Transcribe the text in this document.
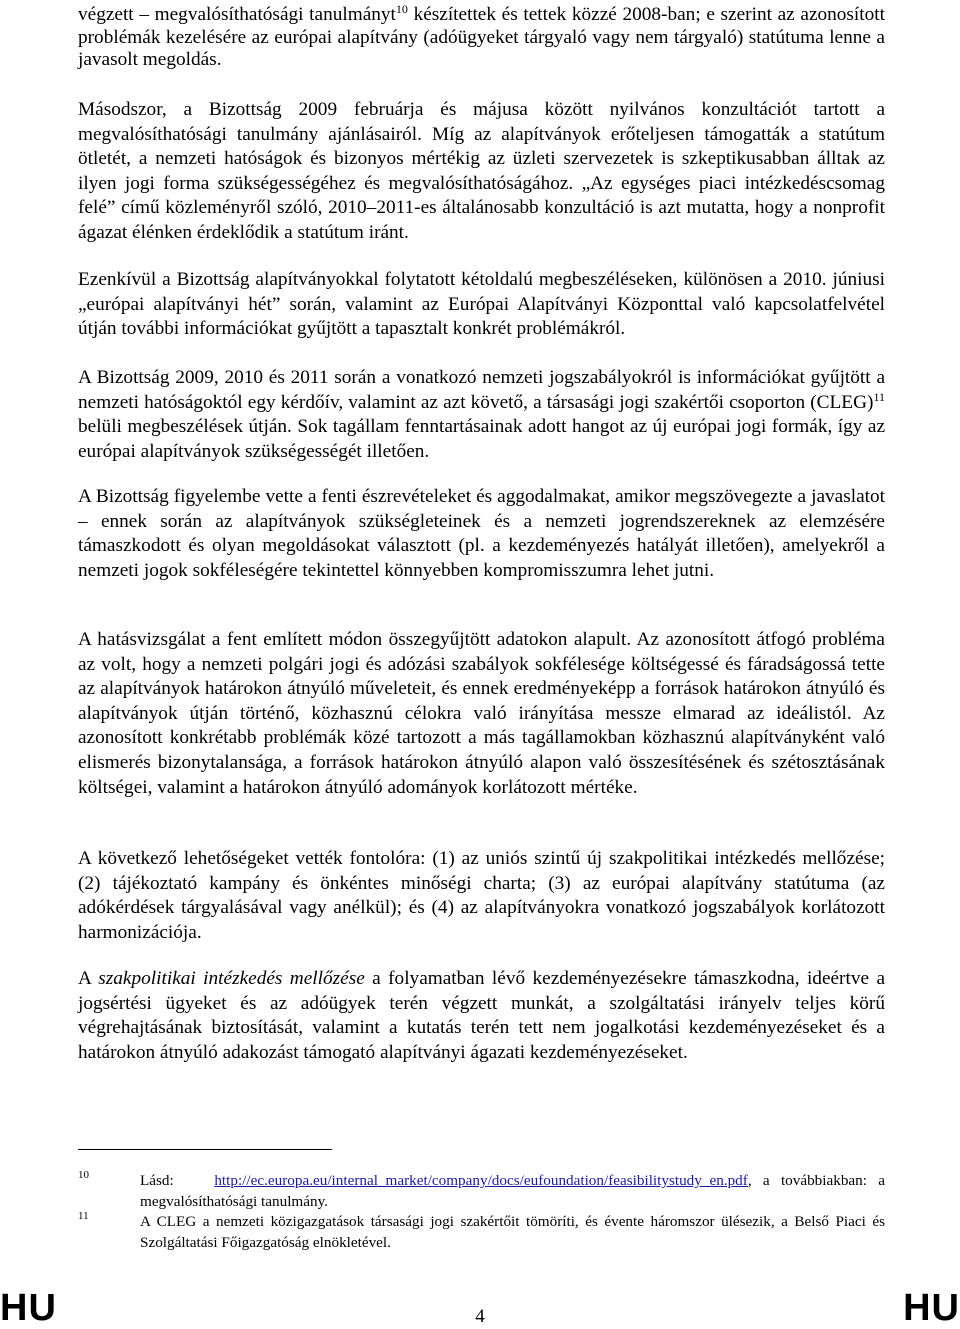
végzett – megvalósíthatósági tanulmányt$^{10}$ készítettek és tettek közzé 2008-ban; e szerint az azonosított problémák kezelésére az európai alapítvány (adóügyeket tárgyaló vagy nem tárgyaló) statútuma lenne a javasolt megoldás.

Másodszor, a Bizottság 2009 februárja és májusa között nyilvános konzultációt tartott a megvalósíthatósági tanulmány ajánlásairól. Míg az alapítványok erőteljesen támogatták a statútum ötletét, a nemzeti hatóságok és bizonyos mértékig az üzleti szervezetek is szkeptikusabban álltak az ilyen jogi forma szükségességéhez és megvalósíthatóságához. „Az egységes piaci intézkedéscsomag felé” című közleményről szóló, 2010–2011-es általánosabb konzultáció is azt mutatta, hogy a nonprofit ágazat élénken érdeklődik a statútum iránt.

Ezenkívül a Bizottság alapítványokkal folytatott kétoldalú megbeszéléseken, különösen a 2010. júniusi „európai alapítványi hét” során, valamint az Európai Alapítványi Központtal való kapcsolatfelvétel útján további információkat gyűjtött a tapasztalt konkrét problémákról.

A Bizottság 2009, 2010 és 2011 során a vonatkozó nemzeti jogszabályokról is információkat gyűjtött a nemzeti hatóságoktól egy kérdőív, valamint az azt követő, a társasági jogi szakértői csoporton (CLEG)$^{11}$ belüli megbeszélések útján. Sok tagállam fenntartásainak adott hangot az új európai jogi formák, így az európai alapítványok szükségességét illetően.

A Bizottság figyelembe vette a fenti észrevételeket és aggodalmakat, amikor megszövegezte a javaslatot – ennek során az alapítványok szükségleteinek és a nemzeti jogrendszereknek az elemzésére támaszkodott és olyan megoldásokat választott (pl. a kezdeményezés hatályát illetően), amelyekről a nemzeti jogok sokféleségére tekintettel könnyebben kompromisszumra lehet jutni.

A hatásvizsgálat a fent említett módon összegyűjtött adatokon alapult. Az azonosított átfogó probléma az volt, hogy a nemzeti polgári jogi és adózási szabályok sokfélesége költségessé és fáradságossá tette az alapítványok határokon átnyúló műveleteit, és ennek eredményeképp a források határokon átnyúló és alapítványok útján történő, közhasznú célokra való irányítása messze elmarad az ideálistól. Az azonosított konkrétabb problémák közé tartozott a más tagállamokban közhasznú alapítványként való elismerés bizonytalansága, a források határokon átnyúló alapon való összesítésének és szétosztásának költségei, valamint a határokon átnyúló adományok korlátozott mértéke.

A következő lehetőségeket vették fontolóra: (1) az uniós szintű új szakpolitikai intézkedés mellőzése; (2) tájékoztató kampány és önkéntes minőségi charta; (3) az európai alapítvány statútuma (az adókérdések tárgyalásával vagy anélkül); és (4) az alapítványokra vonatkozó jogszabályok korlátozott harmonizációja.

A szakpolitikai intézkedés mellőzése a folyamatban lévő kezdeményezésekre támaszkodna, ideértve a jogsértési ügyeket és az adóügyek terén végzett munkát, a szolgáltatási irányelv teljes körű végrehajtásának biztosítását, valamint a kutatás terén tett nem jogalkotási kezdeményezéseket és a határokon átnyúló adakozást támogató alapítványi ágazati kezdeményezéseket.

10	Lásd:	http://ec.europa.eu/internal_market/company/docs/eufoundation/feasibilitystudy_en.pdf, a továbbiakban: a megvalósíthatósági tanulmány.
11	A CLEG a nemzeti közigazgatások társasági jogi szakértőit tömöríti, és évente háromszor ülésezik, a Belső Piaci és Szolgáltatási Főigazgatóság elnökletével.
HU	4	HU
